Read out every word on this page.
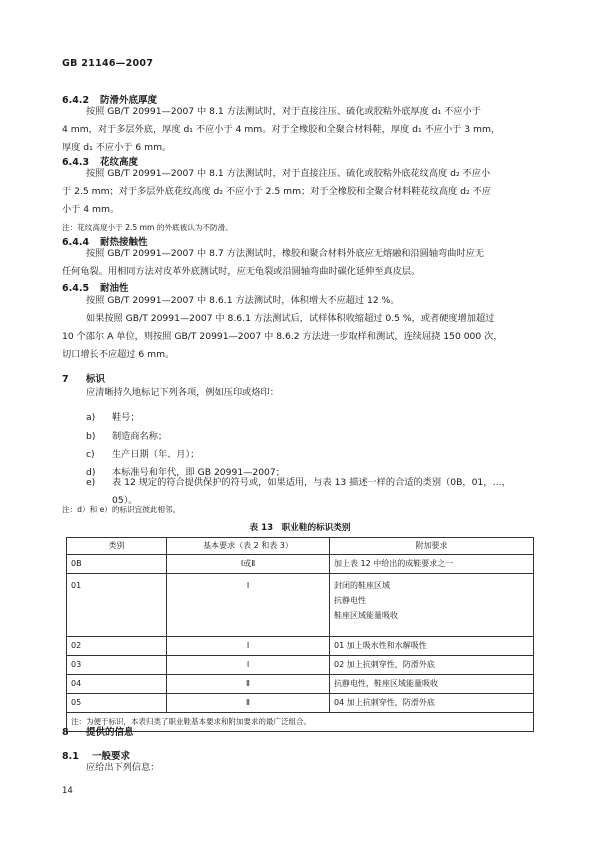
GB 21146—2007
6.4.2 防滑外底厚度
按照 GB/T 20991—2007 中 8.1 方法测试时，对于直接注压、硫化或胶粘外底厚度 d₁ 不应小于
4 mm，对于多层外底，厚度 d₁ 不应小于 4 mm。对于全橡胶和全聚合材料鞋，厚度 d₁ 不应小于 3 mm，
厚度 d₁ 不应小于 6 mm。
6.4.3 花纹高度
按照 GB/T 20991—2007 中 8.1 方法测试时，对于直接注压、硫化或胶粘外底花纹高度 d₂ 不应小
于 2.5 mm；对于多层外底花纹高度 d₂ 不应小于 2.5 mm；对于全橡胶和全聚合材料鞋花纹高度 d₂ 不应
小于 4 mm。
注：花纹高度小于 2.5 mm 的外底被认为不防滑。
6.4.4 耐热接触性
按照 GB/T 20991—2007 中 8.7 方法测试时，橡胶和聚合材料外底应无熔融和沿圆轴弯曲时应无
任何龟裂。用相同方法对皮革外底测试时，应无龟裂或沿圆轴弯曲时碳化延伸至真皮层。
6.4.5 耐油性
按照 GB/T 20991—2007 中 8.6.1 方法测试时，体积增大不应超过 12 %。
如果按照 GB/T 20991—2007 中 8.6.1 方法测试后，试样体积收缩超过 0.5 %，或者硬度增加超过
10 个邵尔 A 单位，则按照 GB/T 20991—2007 中 8.6.2 方法进一步取样和测试，连续屈挠 150 000 次，
切口增长不应超过 6 mm。
7 标识
应清晰持久地标记下列各项，例如压印或烙印：
a) 鞋号；
b) 制造商名称；
c) 生产日期（年、月）；
d) 本标准号和年代，即 GB 20991—2007；
e) 表 12 规定的符合提供保护的符号或，如果适用，与表 13 描述一样的合适的类别（0B，01，…，
05）。
注：d）和 e）的标识宜彼此相邻。
表 13　职业鞋的标识类别
类别	基本要求（表 2 和表 3）	附加要求
0B	Ⅰ或Ⅱ	加上表 12 中给出的成鞋要求之一
01	Ⅰ	封闭的鞋座区域
抗静电性
鞋座区域能量吸收

02	Ⅰ	01 加上吸水性和水解吸性
03	Ⅰ	02 加上抗刺穿性，防滑外底
04	Ⅱ	抗静电性，鞋座区域能量吸收
05	Ⅱ	04 加上抗刺穿性，防滑外底
注：为便于标识，本表归类了职业鞋基本要求和附加要求的最广泛组合。		
8 提供的信息
8.1 一般要求
应给出下列信息：
14
